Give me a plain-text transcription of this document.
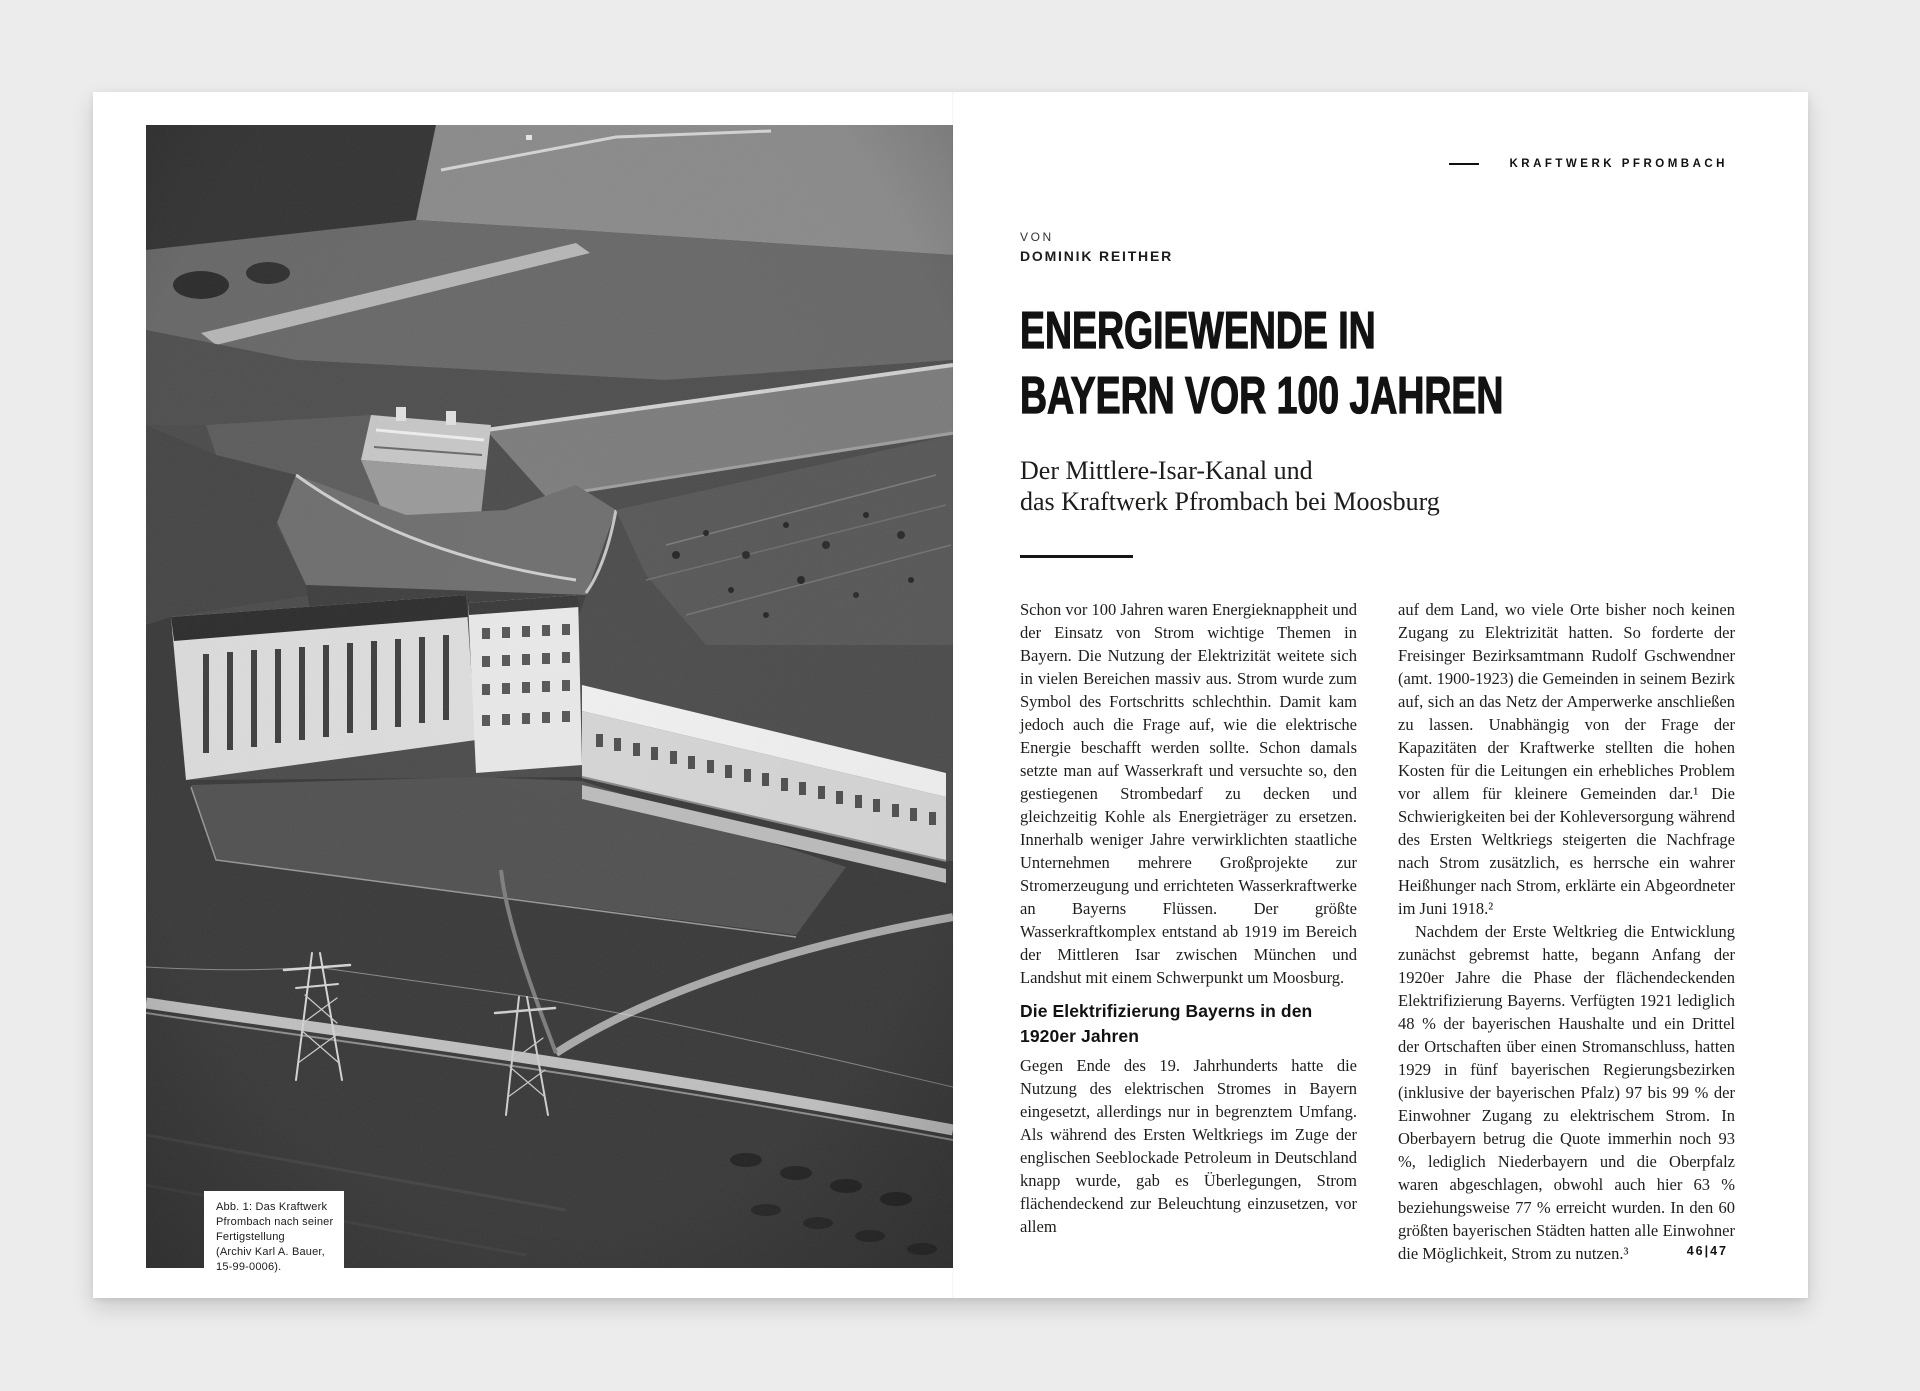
Abb. 1: Das Kraftwerk
Pfrombach nach seiner
Fertigstellung
(Archiv Karl A. Bauer,
15-99-0006).
KRAFTWERK PFROMBACH
VON
DOMINIK REITHER
ENERGIEWENDE IN
BAYERN VOR 100 JAHREN
Der Mittlere-Isar-Kanal und
das Kraftwerk Pfrombach bei Moosburg

Schon vor 100 Jahren waren Energieknappheit und der Einsatz von Strom wichtige Themen in Bayern. Die Nutzung der Elektrizität weitete sich in vielen Bereichen massiv aus. Strom wurde zum Symbol des Fortschritts schlechthin. Damit kam jedoch auch die Frage auf, wie die elektrische Energie beschafft werden sollte. Schon damals setzte man auf Wasserkraft und versuchte so, den gestiegenen Strombedarf zu decken und gleichzeitig Kohle als Energieträger zu ersetzen. Innerhalb weniger Jahre verwirklichten staatliche Unternehmen mehrere Großprojekte zur Stromerzeugung und errichteten Wasserkraftwerke an Bayerns Flüssen. Der größte Wasserkraftkomplex entstand ab 1919 im Bereich der Mittleren Isar zwischen München und Landshut mit einem Schwerpunkt um Moosburg.

Die Elektrifizierung Bayerns in den
1920er Jahren

Gegen Ende des 19. Jahrhunderts hatte die Nutzung des elektrischen Stromes in Bayern eingesetzt, allerdings nur in begrenztem Umfang. Als während des Ersten Weltkriegs im Zuge der englischen Seeblockade Petroleum in Deutschland knapp wurde, gab es Überlegungen, Strom flächendeckend zur Beleuchtung einzusetzen, vor allem

auf dem Land, wo viele Orte bisher noch keinen Zugang zu Elektrizität hatten. So forderte der Freisinger Bezirksamtmann Rudolf Gschwendner (amt. 1900-1923) die Gemeinden in seinem Bezirk auf, sich an das Netz der Amperwerke anschließen zu lassen. Unabhängig von der Frage der Kapazitäten der Kraftwerke stellten die hohen Kosten für die Leitungen ein erhebliches Problem vor allem für kleinere Gemeinden dar.¹ Die Schwierigkeiten bei der Kohleversorgung während des Ersten Weltkriegs steigerten die Nachfrage nach Strom zusätzlich, es herrsche ein wahrer Heißhunger nach Strom, erklärte ein Abgeordneter im Juni 1918.²

Nachdem der Erste Weltkrieg die Entwicklung zunächst gebremst hatte, begann Anfang der 1920er Jahre die Phase der flächendeckenden Elektrifizierung Bayerns. Verfügten 1921 lediglich 48 % der bayerischen Haushalte und ein Drittel der Ortschaften über einen Stromanschluss, hatten 1929 in fünf bayerischen Regierungsbezirken (inklusive der bayerischen Pfalz) 97 bis 99 % der Einwohner Zugang zu elektrischem Strom. In Oberbayern betrug die Quote immerhin noch 93 %, lediglich Niederbayern und die Oberpfalz waren abgeschlagen, obwohl auch hier 63 % beziehungsweise 77 % erreicht wurden. In den 60 größten bayerischen Städten hatten alle Einwohner die Möglichkeit, Strom zu nutzen.³	46|47
